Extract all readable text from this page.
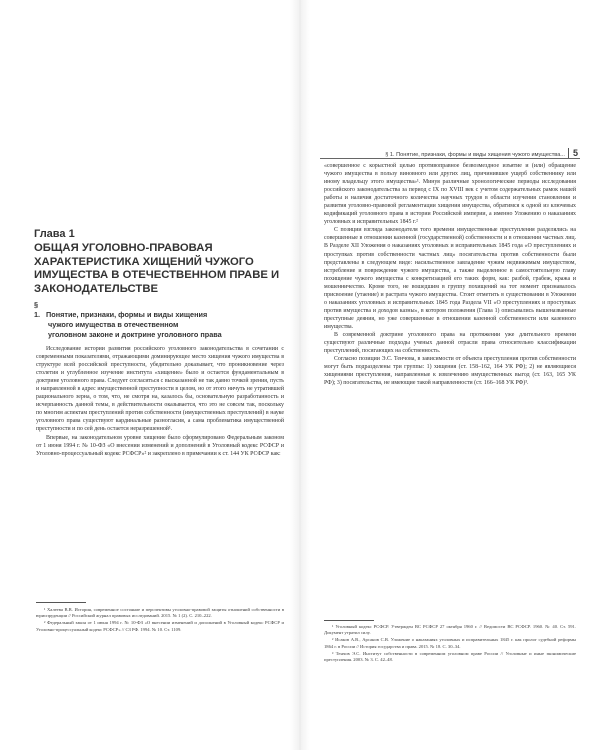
Глава 1

ОБЩАЯ УГОЛОВНО-ПРАВОВАЯ ХАРАКТЕРИСТИКА ХИЩЕНИЙ ЧУЖОГО ИМУЩЕСТВА В ОТЕЧЕСТВЕННОМ ПРАВЕ И ЗАКОНОДАТЕЛЬСТВЕ

§ 1. Понятие, признаки, формы и виды хищения
чужого имущества в отечественном
уголовном законе и доктрине уголовного права

Исследование истории развития российского уголовного законодательства в сочетании с современными показателями, отражающими доминирующее место хищения чужого имущества в структуре всей российской преступности, убедительно доказывает, что проникновение через столетия и углубленное изучение института «хищение» было и остается фундаментальным в доктрине уголовного права. Следует согласиться с высказанной не так давно точкой зрения, пусть и направленной в адрес имущественной преступности в целом, но от этого ничуть не утратившей рационального зерна, о том, что, не смотря на, казалось бы, основательную разработанность и исчерпанность данной темы, в действительности оказывается, что это не совсем так, поскольку по многим аспектам преступлений против собственности (имущественных преступлений) в науке уголовного права существуют кардинальные разногласия, а сама проблематика имущественной преступности и по сей день остается неразрешенной¹.

Впервые, на законодательном уровне хищение было сформулировано Федеральным законом от 1 июня 1994 г. № 10-ФЗ «О внесении изменений и дополнений в Уголовный кодекс РСФСР и Уголовно-процессуальный кодекс РСФСР»² и закреплено в примечании к ст. 144 УК РСФСР как:

¹ Халеева В.В. История, современное состояние и перспективы уголовно-правовой защиты отношений собственности в юриспруденции // Российский журнал правовых исследований. 2015. № 1 (2). С. 210–222.

² Федеральный закон от 1 июня 1994 г. № 10-ФЗ «О внесении изменений и дополнений в Уголовный кодекс РСФСР и Уголовно-процессуальный кодекс РСФСР» // СЗ РФ. 1994. № 10. Ст. 1109.

§ 1. Понятие, признаки, формы и виды хищения чужого имущества... 5

«совершенное с корыстной целью противоправное безвозмездное изъятие и (или) обращение чужого имущества в пользу виновного или других лиц, причинившее ущерб собственнику или иному владельцу этого имущества»¹. Минуя различные хронологические периоды исследования российского законодательства за период с IX по XVIII век с учетом содержательных рамок нашей работы и наличия достаточного количества научных трудов в области изучения становления и развития уголовно-правовой регламентации хищения имущества, обратимся к одной из ключевых кодификаций уголовного права в истории Российской империи, а именно Уложению о наказаниях уголовных и исправительных 1845 г.²

С позиции взгляда законодателя того времени имущественные преступления разделялись на совершенные в отношении казенной (государственной) собственности и в отношении частных лиц. В Разделе XII Уложения о наказаниях уголовных и исправительных 1845 года «О преступлениях и проступках против собственности частных лиц» посягательства против собственности были представлены в следующем виде: насильственное завладение чужим недвижимым имуществом, истребление и повреждение чужого имущества, а также выделенное в самостоятельную главу похищение чужого имущества с конкретизацией его таких форм, как: разбой, грабеж, кража и мошенничество. Кроме того, не вошедшим в группу похищений на тот момент признавалось присвоение (утаение) и растрата чужого имущества. Стоит отметить в существовании в Уложении о наказаниях уголовных и исправительных 1845 года Раздела VII «О преступлениях и проступках против имущества и доходов казны», в котором положения (Глава 1) описывались вышеназванные преступные деяния, но уже совершенные в отношении казенной собственности или казенного имущества.

В современной доктрине уголовного права на протяжении уже длительного времени существуют различные подходы ученых данной отрасли права относительно классификации преступлений, посягающих на собственность.

Согласно позиции Э.С. Тенчова, в зависимости от объекта преступления против собственности могут быть подразделены три группы: 1) хищения (ст. 158–162, 164 УК РФ); 2) не являющиеся хищениями преступления, направленные к извлечению имущественных выгод (ст. 163, 165 УК РФ); 3) посягательства, не имеющие такой направленности (ст. 166–168 УК РФ)³.

¹ Уголовный кодекс РСФСР. Утвержден ВС РСФСР 27 октября 1960 г. // Ведомости ВС РСФСР. 1960. № 40. Ст. 591. Документ утратил силу.

² Исаков А.В., Арсанов С.В. Уложение о наказаниях уголовных и исправительных 1845 г. как пролог судебной реформы 1864 г. в России // История государства и права. 2015. № 18. С. 30–34.

³ Тенчов Э.С. Институт собственности в современном уголовном праве России // Уголовные и иные экономические преступления. 2003. № 3. С. 42–48.
